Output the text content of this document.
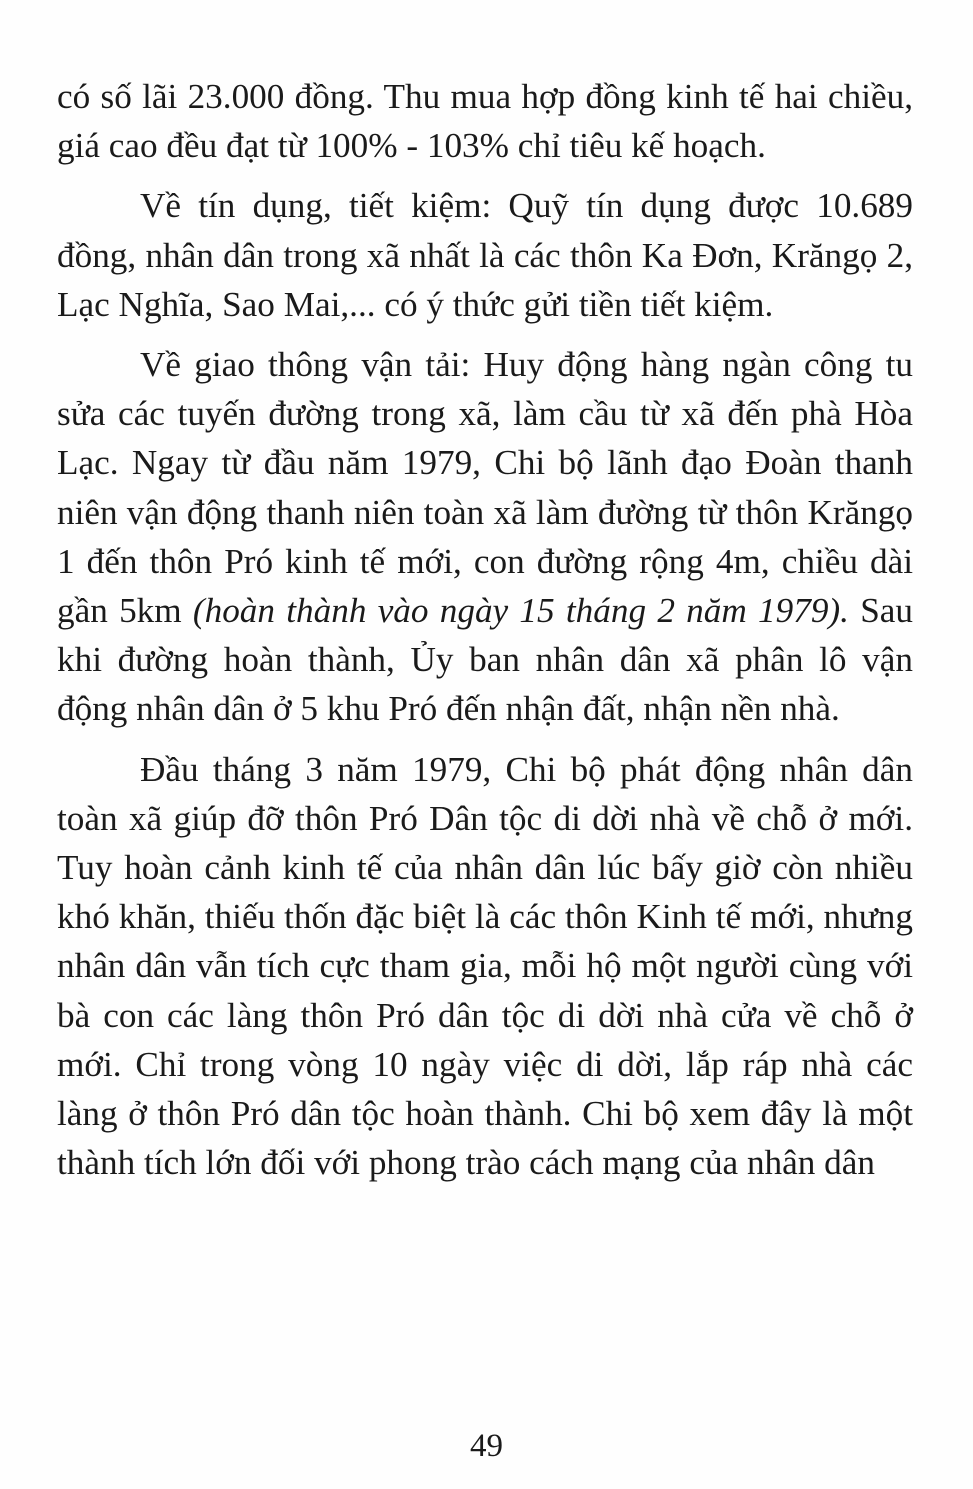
có số lãi 23.000 đồng. Thu mua hợp đồng kinh tế hai chiều, giá cao đều đạt từ 100% - 103% chỉ tiêu kế hoạch.

Về tín dụng, tiết kiệm: Quỹ tín dụng được 10.689 đồng, nhân dân trong xã nhất là các thôn Ka Đơn, Krăngọ 2, Lạc Nghĩa, Sao Mai,... có ý thức gửi tiền tiết kiệm.

Về giao thông vận tải: Huy động hàng ngàn công tu sửa các tuyến đường trong xã, làm cầu từ xã đến phà Hòa Lạc. Ngay từ đầu năm 1979, Chi bộ lãnh đạo Đoàn thanh niên vận động thanh niên toàn xã làm đường từ thôn Krăngọ 1 đến thôn Pró kinh tế mới, con đường rộng 4m, chiều dài gần 5km (hoàn thành vào ngày 15 tháng 2 năm 1979). Sau khi đường hoàn thành, Ủy ban nhân dân xã phân lô vận động nhân dân ở 5 khu Pró đến nhận đất, nhận nền nhà.

Đầu tháng 3 năm 1979, Chi bộ phát động nhân dân toàn xã giúp đỡ thôn Pró Dân tộc di dời nhà về chỗ ở mới. Tuy hoàn cảnh kinh tế của nhân dân lúc bấy giờ còn nhiều khó khăn, thiếu thốn đặc biệt là các thôn Kinh tế mới, nhưng nhân dân vẫn tích cực tham gia, mỗi hộ một người cùng với bà con các làng thôn Pró dân tộc di dời nhà cửa về chỗ ở mới. Chỉ trong vòng 10 ngày việc di dời, lắp ráp nhà các làng ở thôn Pró dân tộc hoàn thành. Chi bộ xem đây là một thành tích lớn đối với phong trào cách mạng của nhân dân

49
